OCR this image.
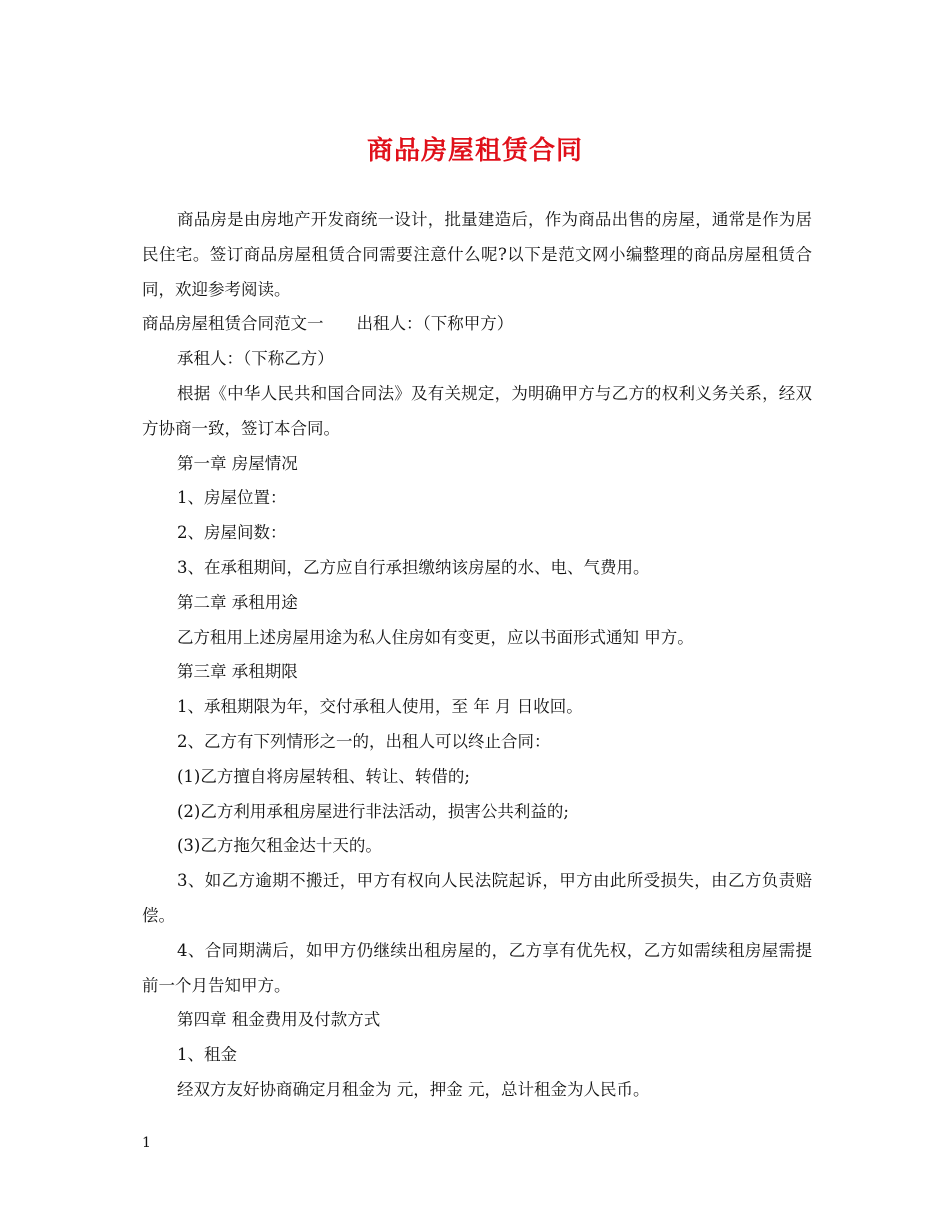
商品房屋租赁合同

商品房是由房地产开发商统一设计，批量建造后，作为商品出售的房屋，通常是作为居民住宅。签订商品房屋租赁合同需要注意什么呢?以下是范文网小编整理的商品房屋租赁合同，欢迎参考阅读。

商品房屋租赁合同范文一　　出租人：（下称甲方）

承租人：（下称乙方）

根据《中华人民共和国合同法》及有关规定，为明确甲方与乙方的权利义务关系，经双方协商一致，签订本合同。

第一章 房屋情况

1、房屋位置：

2、房屋间数：

3、在承租期间，乙方应自行承担缴纳该房屋的水、电、气费用。

第二章 承租用途

乙方租用上述房屋用途为私人住房如有变更，应以书面形式通知 甲方。

第三章 承租期限

1、承租期限为年，交付承租人使用，至 年 月 日收回。

2、乙方有下列情形之一的，出租人可以终止合同：

(1)乙方擅自将房屋转租、转让、转借的;

(2)乙方利用承租房屋进行非法活动，损害公共利益的;

(3)乙方拖欠租金达十天的。

3、如乙方逾期不搬迁，甲方有权向人民法院起诉，甲方由此所受损失，由乙方负责赔偿。

4、合同期满后，如甲方仍继续出租房屋的，乙方享有优先权，乙方如需续租房屋需提前一个月告知甲方。

第四章 租金费用及付款方式

1、租金

经双方友好协商确定月租金为 元，押金 元，总计租金为人民币。

1
